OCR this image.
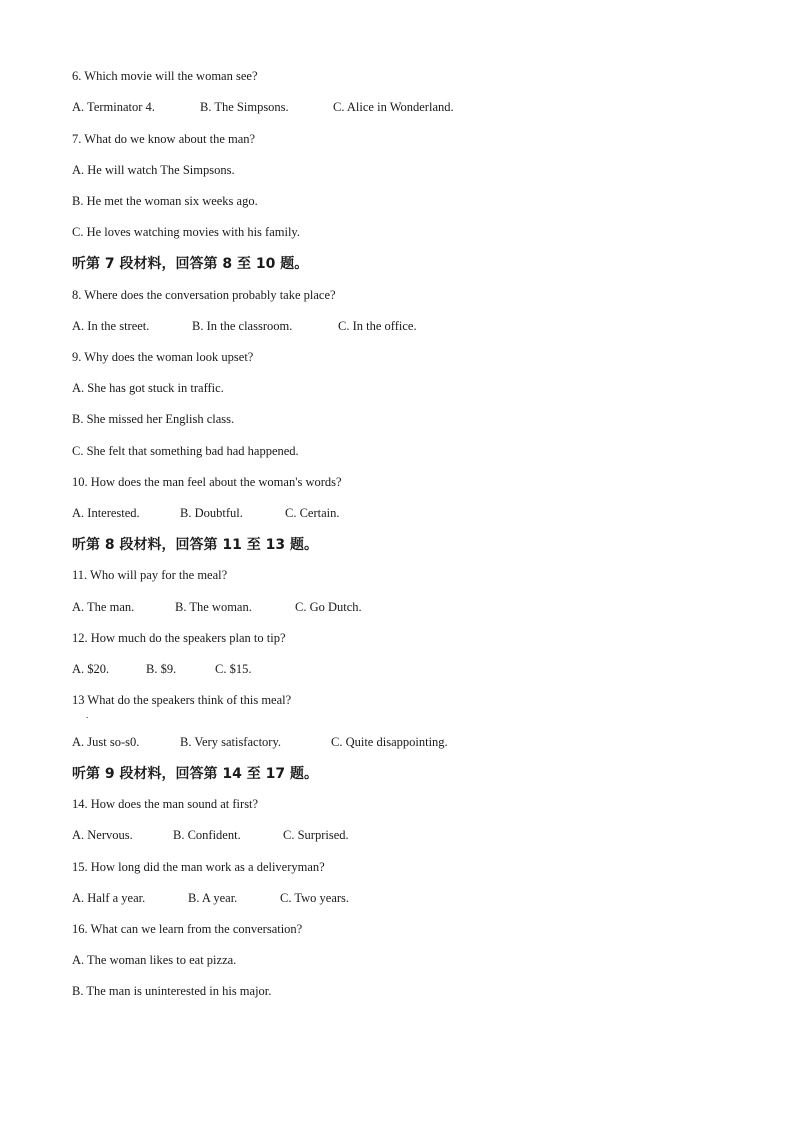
6. Which movie will the woman see?
A. Terminator 4.	B. The Simpsons.	C. Alice in Wonderland.
7. What do we know about the man?
A. He will watch The Simpsons.
B. He met the woman six weeks ago.
C. He loves watching movies with his family.
听第 7 段材料，回答第 8 至 10 题。
8. Where does the conversation probably take place?
A. In the street.	B. In the classroom.	C. In the office.
9. Why does the woman look upset?
A. She has got stuck in traffic.
B. She missed her English class.
C. She felt that something bad had happened.
10. How does the man feel about the woman's words?
A. Interested.	B. Doubtful.	C. Certain.
听第 8 段材料，回答第 11 至 13 题。
11. Who will pay for the meal?
A. The man.	B. The woman.	C. Go Dutch.
12. How much do the speakers plan to tip?
A. $20.	B. $9.	C. $15.
13 What do the speakers think of this meal?
.
A. Just so-s0.	B. Very satisfactory.	C. Quite disappointing.
听第 9 段材料，回答第 14 至 17 题。
14. How does the man sound at first?
A. Nervous.	B. Confident.	C. Surprised.
15. How long did the man work as a deliveryman?
A. Half a year.	B. A year.	C. Two years.
16. What can we learn from the conversation?
A. The woman likes to eat pizza.
B. The man is uninterested in his major.
